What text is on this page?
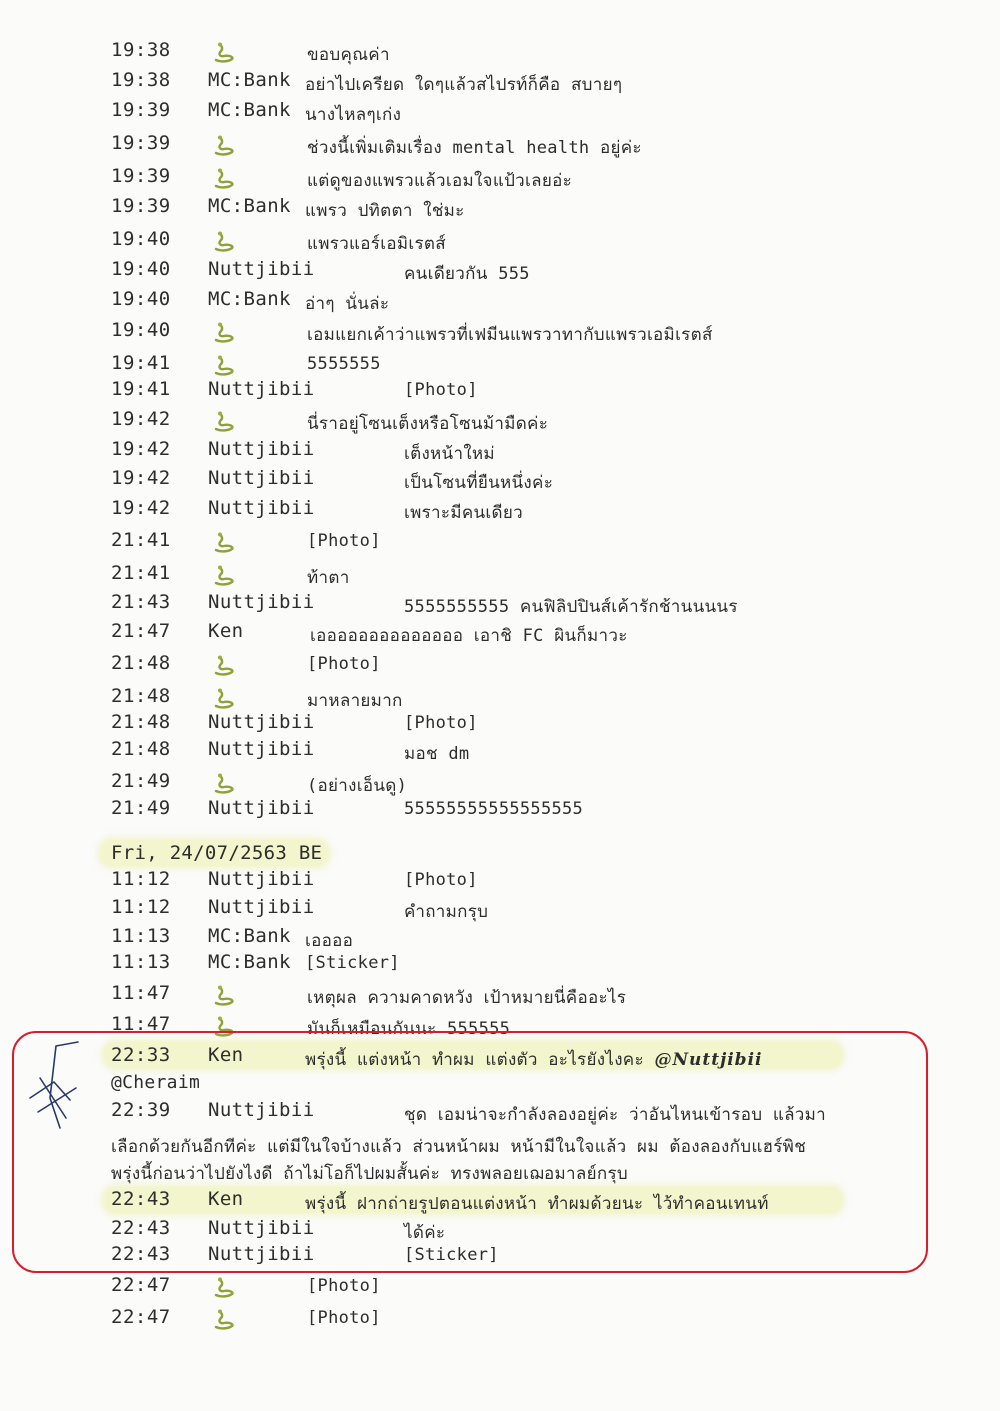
19:38	ขอบคุณค่า
19:38 MC:Bank อย่าไปเครียด ใดๆแล้วสไปรท์ก็คือ สบายๆ
19:39 MC:Bank นางไหลๆเก่ง
19:39	ช่วงนี้เพิ่มเติมเรื่อง mental health อยู่ค่ะ
19:39	แต่ดูของแพรวแล้วเอมใจแป้วเลยอ่ะ
19:39 MC:Bank แพรว ปทิตตา ใช่มะ
19:40	แพรวแอร์เอมิเรตส์
19:40 Nuttjibii	คนเดียวกัน 555
19:40 MC:Bank อ่าๆ นั่นล่ะ
19:40	เอมแยกเค้าว่าแพรวที่เฟมีนแพรวาทากับแพรวเอมิเรตส์
19:41	5555555
19:41 Nuttjibii	[Photo]
19:42	นี่ราอยู่โซนเต็งหรือโซนม้ามืดค่ะ
19:42 Nuttjibii	เต็งหน้าใหม่
19:42 Nuttjibii	เป็นโซนที่ยืนหนึ่งค่ะ
19:42 Nuttjibii	เพราะมีคนเดียว
21:41	[Photo]
21:41	ท้าตา
21:43 Nuttjibii	5555555555 คนฟิลิปปินส์เค้ารักช้านนนนร
21:47 Ken	เออออออออออออออ เอาชิ FC ผินก็มาวะ
21:48	[Photo]
21:48	มาหลายมาก
21:48 Nuttjibii	[Photo]
21:48 Nuttjibii	มอช dm
21:49	(อย่างเอ็นดู)
21:49 Nuttjibii	55555555555555555
Fri, 24/07/2563 BE
11:12 Nuttjibii	[Photo]
11:12 Nuttjibii	คำถามกรุบ
11:13 MC:Bank เออออ
11:13 MC:Bank [Sticker]
11:47	เหตุผล ความคาดหวัง เป้าหมายนี่คืออะไร
11:47	มันก็เหมือนกันนะ 555555
22:33 Ken	พรุ่งนี้ แต่งหน้า ทำผม แต่งตัว อะไรยังไงคะ @Nuttjibii
@Cheraim
22:39 Nuttjibii	ชุด เอมน่าจะกำลังลองอยู่ค่ะ ว่าอันไหนเข้ารอบ แล้วมา
เลือกด้วยกันอีกทีค่ะ แต่มีในใจบ้างแล้ว ส่วนหน้าผม หน้ามีในใจแล้ว ผม ต้องลองกับแฮร์พิช
พรุ่งนี้ก่อนว่าไปยังไงดี ถ้าไม่โอก็ไปผมสั้นค่ะ ทรงพลอยเฌอมาลย์กรุบ
22:43 Ken	พรุ่งนี้ ฝากถ่ายรูปตอนแต่งหน้า ทำผมด้วยนะ ไว้ทำคอนเทนท์
22:43 Nuttjibii	ได้ค่ะ
22:43 Nuttjibii	[Sticker]
22:47	[Photo]
22:47	[Photo]
